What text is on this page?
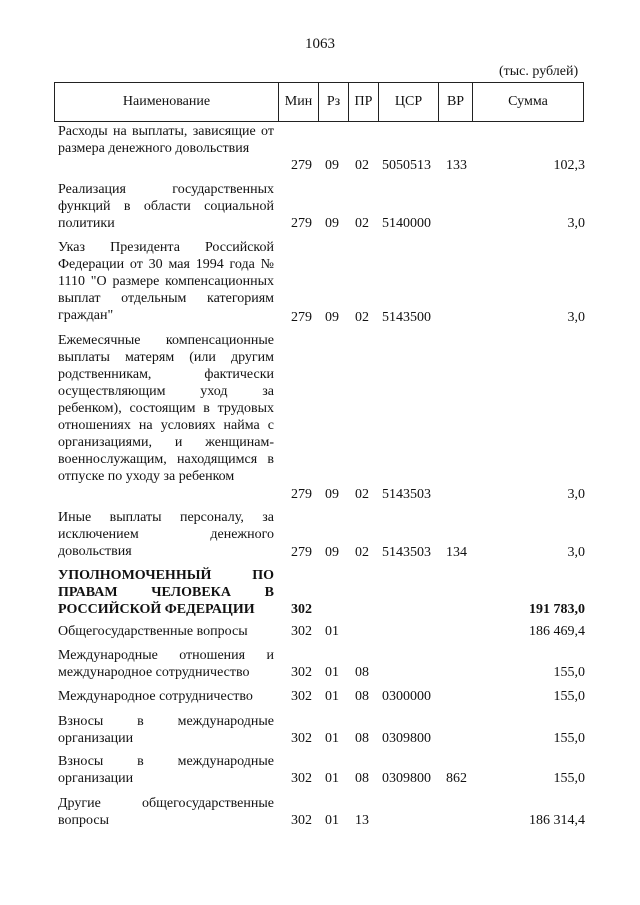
1063
(тыс. рублей)
Наименование	Мин	Рз	ПР	ЦСР	ВР	Сумма
Расходы на выплаты, зависящие от размера денежного довольствия
279 09	02 5050513	133	102,3
Реализация государственных функций в области социальной политики	279 09	02 5140000	3,0
Указ Президента Российской Федерации от 30 мая 1994 года № 1110 "О размере компенсационных выплат отдельным категориям граждан"	279 09	02 5143500	3,0
Ежемесячные компенсационные выплаты матерям (или другим родственникам, фактически осуществляющим уход за ребенком), состоящим в трудовых отношениях на условиях найма с организациями, и женщинам-военнослужащим, находящимся в отпуске по уходу за ребенком
279 09	02 5143503	3,0
Иные выплаты персоналу, за исключением денежного довольствия	279 09	02 5143503	134	3,0
УПОЛНОМОЧЕННЫЙ ПО ПРАВАМ ЧЕЛОВЕКА В РОССИЙСКОЙ ФЕДЕРАЦИИ	302	191 783,0
Общегосударственные вопросы	302 01	186 469,4
Международные отношения и международное сотрудничество	302 01	08	155,0
Международное сотрудничество	302 01	08 0300000	155,0
Взносы в международные организации	302 01	08 0309800	155,0
Взносы в международные организации	302 01	08 0309800	862	155,0
Другие общегосударственные вопросы	302 01	13	186 314,4
